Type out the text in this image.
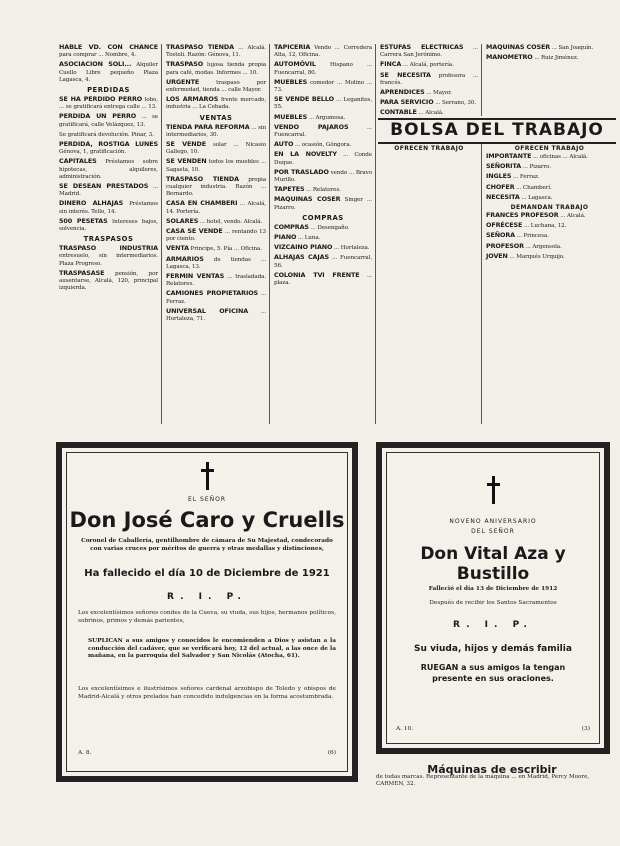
HABLE VD. CON CHANCE para comprar ... Nombre, 4.
ASOCIACION SOLI... Alquiler Cuello Libre pequeño Plaza Lagasca, 4.
PERDIDAS
SE HA PERDIDO PERRO lobo, ... se gratificará entrega calle ... 13.
PERDIDA UN PERRO ... se gratificará, calle Velázquez, 13.
Se gratificará devolución. Pinar, 3.
PERDIDA, ROSTIGA LUNES Génova, 1, gratificación.
CAPITALES Préstamos sobre hipotecas, alquileres, administración.
SE DESEAN PRESTADOS ... Madrid.
DINERO ALHAJAS Préstamos sin interés. Tello, 14.
500 PESETAS Intereses bajos, solvencia.
TRASPASOS
TRASPASO INDUSTRIA entresuelo, sin intermediarios. Plaza Progreso.
TRASPASASE pensión, por ausentarse, Alcalá, 120, principal izquierda.
TRASPASO TIENDA ... Alcalá. Tostoli. Razón: Génova, 11.
TRASPASO lujosa tienda propia para café, modas. Informes ... 10.
URGENTE	traspaso por enfermedad, tienda ... calle Mayor.
LOS ARMAROS frente mercado, industria ... La Cebada.
VENTAS
TIENDA PARA REFORMA ... sin intermediarios, 30.
SE VENDE solar ... Nicasio Gallego, 10.
SE VENDEN todos los muebles ... Sagasta, 10.
TRASPASO TIENDA propia cualquier industria. Razón ... Bernardo.
CASA EN CHAMBERI ... Alcalá, 14. Portería.
SOLARES ... hotel, vendo. Alcalá.
CASA SE VENDE ... rentando 13 por ciento.
VENTA Principe, 5. Pía ... Oficina.
ARMARIOS de tiendas ... Lagasca, 13.
FERMIN VENTAS ... trasladada. Relatores.
CAMIONES PROPIETARIOS ... Ferraz.
UNIVERSAL OFICINA ... Hortaleza, 71.
TAPICERÍA Vendo ... Corredera Alta, 12, Oficina.
AUTOMÓVIL	Hispano ... Fuencarral, 80.
MUEBLES comedor ... Molino ... 73.
SE VENDE BELLO ... Leganitos, 55.
MUEBLES ... Argumosa.
VENDO PAJAROS	... Fuencarral.
AUTO ... ocasión, Góngora.
EN LA NOVELTY ... Conde Duque.
POR TRASLADO vendo ... Bravo Murillo.
TAPETES ... Relatores.
MAQUINAS COSER Singer ... Pizarro.
COMPRAS
COMPRAS ... Desengaño.
PIANO ... Luna.
VIZCAINO PIANO ... Hortaleza.
ALHAJAS CAJAS ... Fuencarral, 56.
COLONIA TVI FRENTE ... plaza.
ESTUFAS ELÉCTRICAS ... Carrera San Jerónimo.
FINCA ... Alcalá, portería.
SE NECESITA profesora ... francés.
APRENDICES ... Mayor.
PARA SERVICIO ... Serrano, 30.
CONTABLE ... Alcalá.
MAQUINAS COSER ... San Joaquín.
MANOMETRO ... Ruiz Jiménez.
BOLSA DEL TRABAJO
OFRECEN TRABAJO	OFRECEN TRABAJO
IMPORTANTE ... oficinas ... Alcalá.
SEÑORITA ... Pizarro.
INGLES ... Ferraz.
CHOFER ... Chamberí.
NECESITA ... Lagasca.
DEMANDAN TRABAJO
FRANCES PROFESOR ... Alcalá.
OFRÉCESE ... Luchana, 12.
SEÑORA ... Princesa.
PROFESOR ... Argensola.
JOVEN ... Marqués Urquijo.
EL SEÑOR
Don José Caro y Cruells
Coronel de Caballería, gentilhombre de cámara de Su Majestad, condecorado con varias cruces por méritos de guerra y otras medallas y distinciones,
Ha fallecido el día 10 de Diciembre de 1921
R. I. P.
Los excelentísimos señores condes de la Cueva, su viuda, sus hijos, hermanos políticos, sobrinos, primos y demás parientes,
SUPLICAN a sus amigos y conocidos le encomienden a Dios y asistan a la conducción del cadáver, que se verificará hoy, 12 del actual, a las once de la mañana, en la parroquia del Salvador y San Nicolás (Atocha, 61).
Los excelentísimos e ilustrísimos señores cardenal arzobispo de Toledo y obispos de Madrid-Alcalá y otros prelados han concedido indulgencias en la forma acostumbrada.
A. 8.	(6)
NOVENO ANIVERSARIO
DEL SEÑOR
Don Vital Aza y Bustillo
Falleció el día 13 de Diciembre de 1912
Después de recibir los Santos Sacramentos
R. I. P.
Su viuda, hijos y demás familia
RUEGAN a sus amigos la tengan presente en sus oraciones.
A. 10.	(3)
Máquinas de escribir
de todas marcas. Representante de la máquina ... en Madrid, Percy Moore, CARMEN, 32.
